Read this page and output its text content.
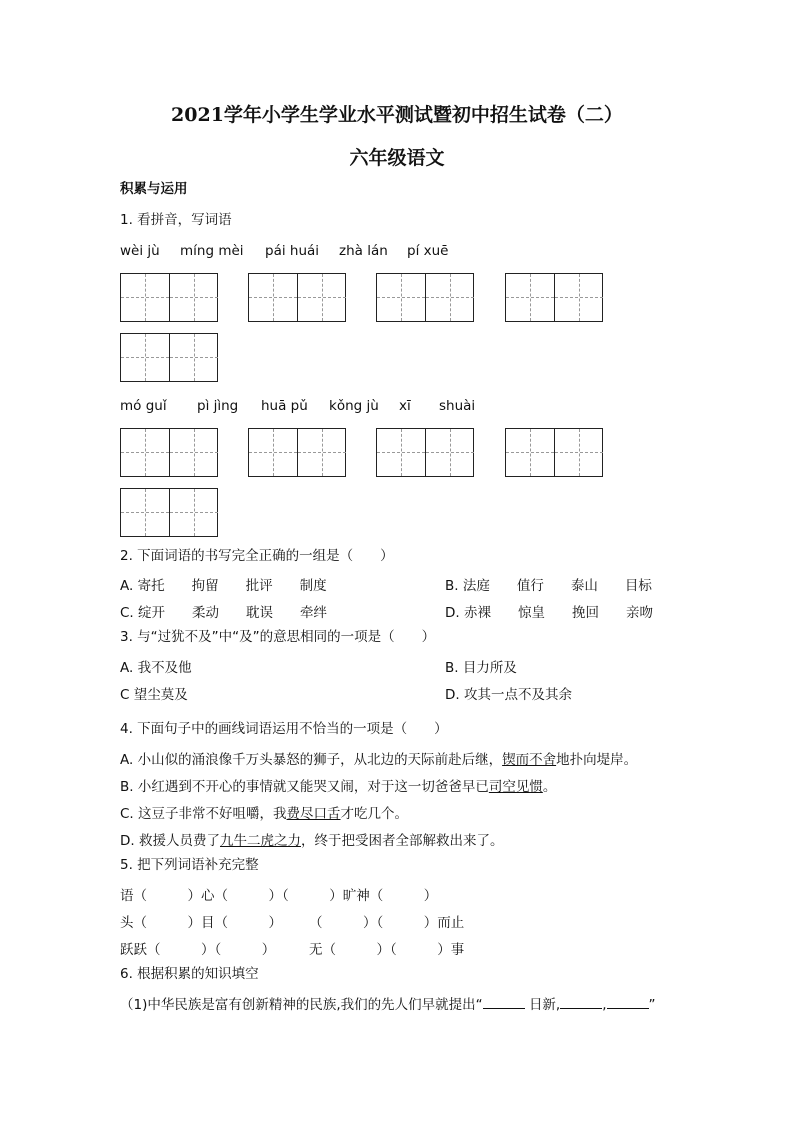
2021学年小学生学业水平测试暨初中招生试卷（二）
六年级语文
积累与运用
1. 看拼音，写词语
wèi jù míng mèi pái huái zhà lán pí xuē
mó guǐ pì jìng huā pǔ kǒng jù xī shuài
2. 下面词语的书写完全正确的一组是（　　）
A. 寄托　　拘留　　批评　　制度	B. 法庭　　值行　　泰山　　目标
C. 绽开　　柔动　　耽误　　牵绊	D. 赤裸　　惊皇　　挽回　　亲吻
3. 与“过犹不及”中“及”的意思相同的一项是（　　）
A. 我不及他	B. 目力所及
C 望尘莫及	D. 攻其一点不及其余
4. 下面句子中的画线词语运用不恰当的一项是（　　）
A. 小山似的涌浪像千万头暴怒的狮子，从北边的天际前赴后继，锲而不舍地扑向堤岸。
B. 小红遇到不开心的事情就又能哭又闹，对于这一切爸爸早已司空见惯。
C. 这豆子非常不好咀嚼，我费尽口舌才吃几个。
D. 救援人员费了九牛二虎之力，终于把受困者全部解救出来了。
5. 把下列词语补充完整
语（　　　）心（　　　）（　　　）旷神（　　　）
头（　　　）目（　　　）　　　（　　　）（　　　）而止
跃跃（　　　）（　　　）　　　无（　　　）（　　　）事
6. 根据积累的知识填空
（1)中华民族是富有创新精神的民族,我们的先人们早就提出“	日新,	,	”
